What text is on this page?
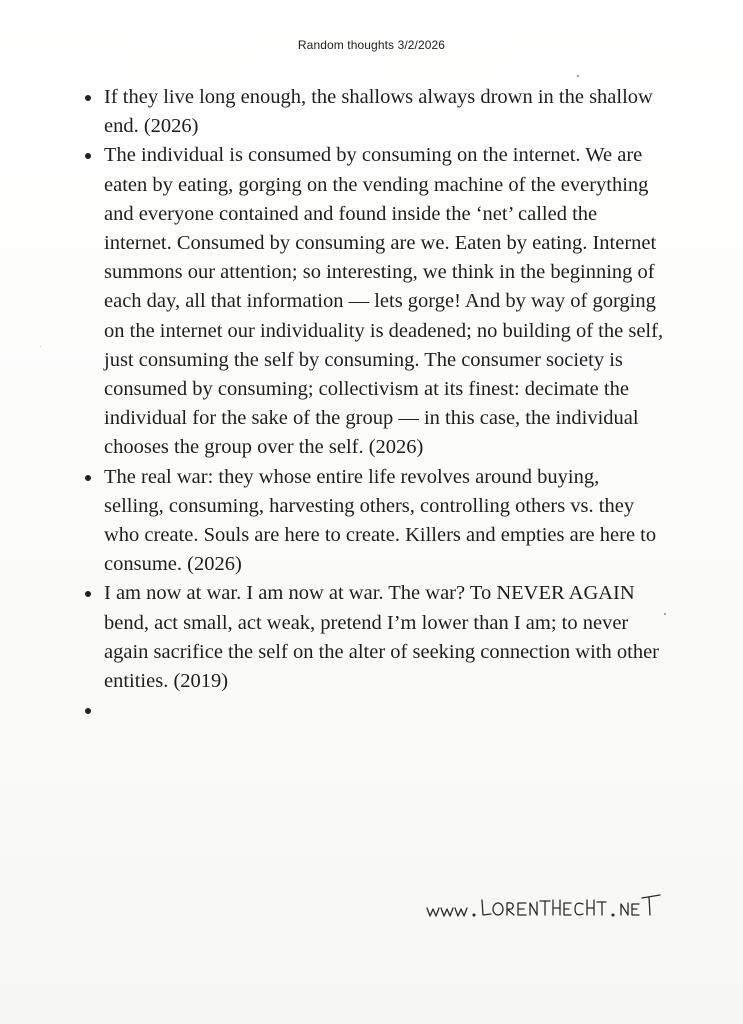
Random thoughts 3/2/2026
If they live long enough, the shallows always drown in the shallow end. (2026)
The individual is consumed by consuming on the internet. We are eaten by eating, gorging on the vending machine of the everything and everyone contained and found inside the ‘net’ called the internet. Consumed by consuming are we. Eaten by eating. Internet summons our attention; so interesting, we think in the beginning of each day, all that information — lets gorge! And by way of gorging on the internet our individuality is deadened; no building of the self, just consuming the self by consuming. The consumer society is consumed by consuming; collectivism at its finest: decimate the individual for the sake of the group — in this case, the individual chooses the group over the self. (2026)
The real war: they whose entire life revolves around buying, selling, consuming, harvesting others, controlling others vs. they who create. Souls are here to create. Killers and empties are here to consume. (2026)
I am now at war. I am now at war. The war? To NEVER AGAIN bend, act small, act weak, pretend I’m lower than I am; to never again sacrifice the self on the alter of seeking connection with other entities. (2019)
